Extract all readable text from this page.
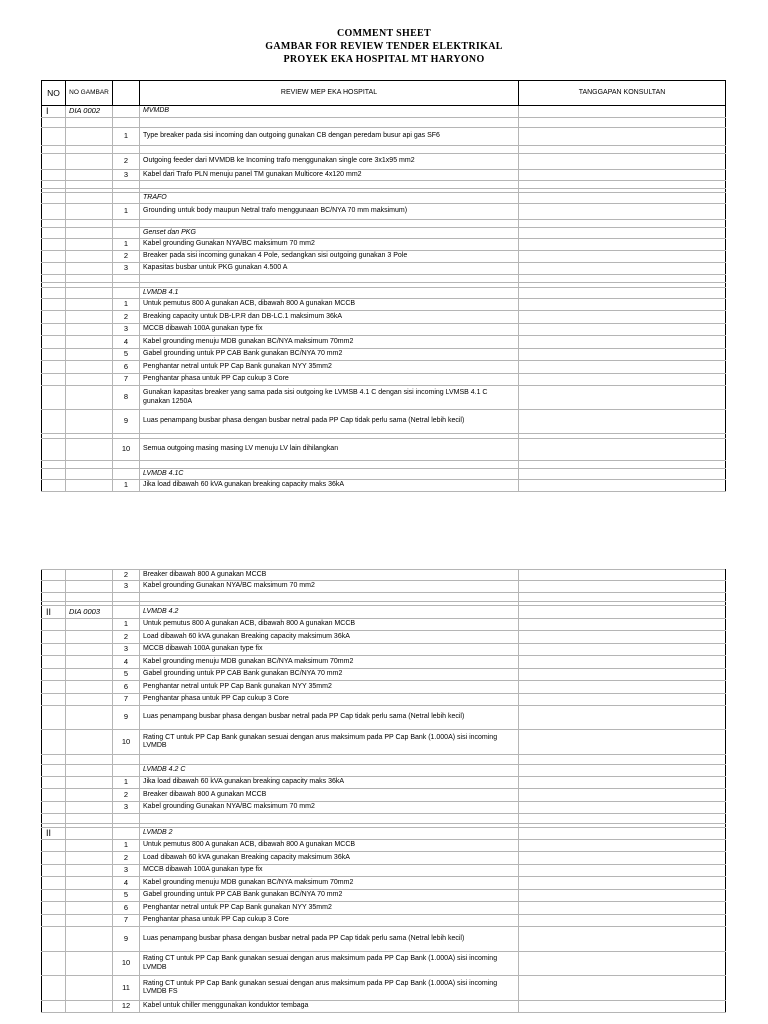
COMMENT SHEET
GAMBAR FOR REVIEW TENDER ELEKTRIKAL
PROYEK EKA HOSPITAL MT HARYONO
NO	NO GAMBAR		REVIEW MEP EKA HOSPITAL	TANGGAPAN KONSULTAN
I	DIA 0002		MVMDB	

		1	Type breaker pada sisi incoming dan outgoing gunakan CB dengan peredam busur api gas SF6	

		2	Outgoing feeder dari MVMDB ke Incoming trafo menggunakan single core 3x1x95 mm2	
		3	Kabel dari Trafo PLN menuju panel TM gunakan Multicore 4x120 mm2	

			TRAFO	
		1	Grounding untuk body maupun Netral trafo menggunaan BC/NYA 70 mm maksimum)	

			Genset dan PKG	
		1	Kabel grounding Gunakan NYA/BC maksimum 70 mm2	
		2	Breaker pada sisi incoming gunakan 4 Pole, sedangkan sisi outgoing gunakan 3 Pole	
		3	Kapasitas busbar untuk PKG gunakan 4.500 A	

			LVMDB 4.1	
		1	Untuk pemutus 800 A gunakan ACB, dibawah 800 A gunakan MCCB	
		2	Breaking capacity untuk DB-LP.R dan DB-LC.1 maksimum 36kA	
		3	MCCB dibawah 100A gunakan type fix	
		4	Kabel grounding menuju MDB gunakan BC/NYA maksimum 70mm2	
		5	Gabel grounding untuk PP CAB Bank gunakan BC/NYA 70 mm2	
		6	Penghantar netral untuk PP Cap Bank gunakan NYY 35mm2	
		7	Penghantar phasa untuk PP Cap cukup 3 Core	
		8	Gunakan kapasitas breaker yang sama pada sisi outgoing ke LVMSB 4.1 C dengan sisi incoming LVMSB 4.1 C gunakan 1250A	
		9	Luas penampang busbar phasa dengan busbar netral pada PP Cap tidak perlu sama (Netral lebih kecil)	

		10	Semua outgoing masing masing LV menuju LV lain dihilangkan	

			LVMDB 4.1C	
		1	Jika load dibawah 60 kVA gunakan breaking capacity maks 36kA	
		2	Breaker dibawah 800 A gunakan MCCB	
		3	Kabel grounding Gunakan NYA/BC maksimum 70 mm2	

II	DIA 0003		LVMDB 4.2	
		1	Untuk pemutus 800 A gunakan ACB, dibawah 800 A gunakan MCCB	
		2	Load dibawah 60 kVA gunakan Breaking capacity maksimum 36kA	
		3	MCCB dibawah 100A gunakan type fix	
		4	Kabel grounding menuju MDB gunakan BC/NYA maksimum 70mm2	
		5	Gabel grounding untuk PP CAB Bank gunakan BC/NYA 70 mm2	
		6	Penghantar netral untuk PP Cap Bank gunakan NYY 35mm2	
		7	Penghantar phasa untuk PP Cap cukup 3 Core	
		9	Luas penampang busbar phasa dengan busbar netral pada PP Cap tidak perlu sama (Netral lebih kecil)	
		10	Rating CT untuk PP Cap Bank gunakan sesuai dengan arus maksimum pada PP Cap Bank (1.000A) sisi incoming LVMDB	

			LVMDB 4.2 C	
		1	Jika load dibawah 60 kVA gunakan breaking capacity maks 36kA	
		2	Breaker dibawah 800 A gunakan MCCB	
		3	Kabel grounding Gunakan NYA/BC maksimum 70 mm2	

II			LVMDB 2	
		1	Untuk pemutus 800 A gunakan ACB, dibawah 800 A gunakan MCCB	
		2	Load dibawah 60 kVA gunakan Breaking capacity maksimum 36kA	
		3	MCCB dibawah 100A gunakan type fix	
		4	Kabel grounding menuju MDB gunakan BC/NYA maksimum 70mm2	
		5	Gabel grounding untuk PP CAB Bank gunakan BC/NYA 70 mm2	
		6	Penghantar netral untuk PP Cap Bank gunakan NYY 35mm2	
		7	Penghantar phasa untuk PP Cap cukup 3 Core	
		9	Luas penampang busbar phasa dengan busbar netral pada PP Cap tidak perlu sama (Netral lebih kecil)	
		10	Rating CT untuk PP Cap Bank gunakan sesuai dengan arus maksimum pada PP Cap Bank (1.000A) sisi incoming LVMDB	
		11	Rating CT untuk PP Cap Bank gunakan sesuai dengan arus maksimum pada PP Cap Bank (1.000A) sisi incoming LVMDB FS	
		12	Kabel untuk chiller menggunakan konduktor tembaga	
